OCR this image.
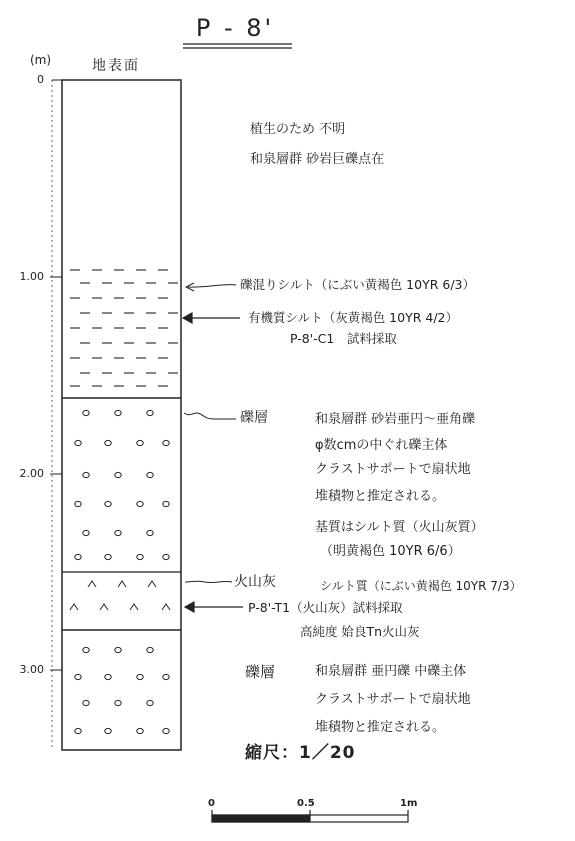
P - 8'
(m)	地表面
0
1.00
2.00
3.00
植生のため 不明
和泉層群 砂岩巨礫点在
礫混りシルト（にぶい黄褐色 10YR 6/3）
有機質シルト（灰黄褐色 10YR 4/2）
P-8'-C1　試料採取
礫層	和泉層群 砂岩亜円〜亜角礫
φ数cmの中ぐれ礫主体
クラストサポートで扇状地
堆積物と推定される。
基質はシルト質（火山灰質）
（明黄褐色 10YR 6/6）
火山灰	シルト質（にぶい黄褐色 10YR 7/3）
P-8'-T1（火山灰）試料採取
高純度 姶良Tn火山灰
礫層	和泉層群 亜円礫 中礫主体
クラストサポートで扇状地
堆積物と推定される。
縮尺：1／20
0	0.5	1m
